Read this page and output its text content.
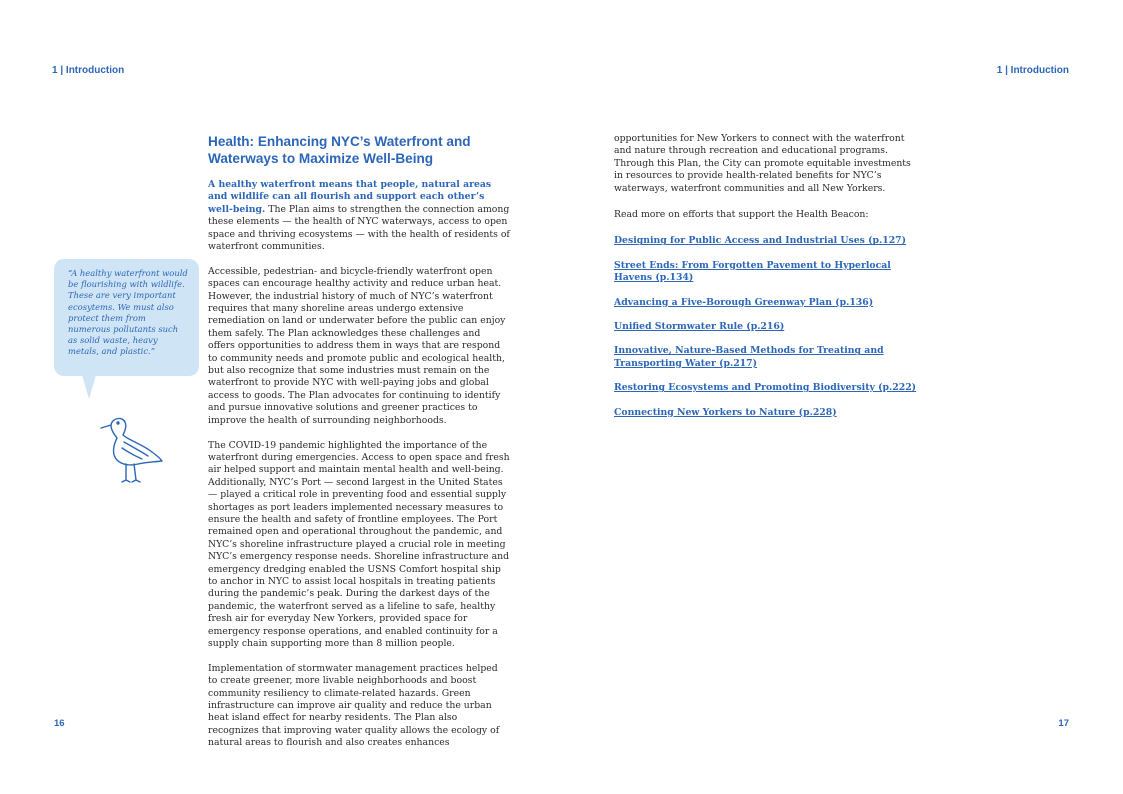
1 | Introduction	1 | Introduction
“A healthy waterfront would be flourishing with wildlife. These are very important ecosytems. We must also protect them from numerous pollutants such as solid waste, heavy metals, and plastic.”
Health: Enhancing NYC’s Waterfront and Waterways to Maximize Well-Being

A healthy waterfront means that people, natural areas and wildlife can all flourish and support each other’s well-being. The Plan aims to strengthen the connection among these elements — the health of NYC waterways, access to open space and thriving ecosystems — with the health of residents of waterfront communities.

Accessible, pedestrian- and bicycle-friendly waterfront open spaces can encourage healthy activity and reduce urban heat. However, the industrial history of much of NYC’s waterfront requires that many shoreline areas undergo extensive remediation on land or underwater before the public can enjoy them safely. The Plan acknowledges these challenges and offers opportunities to address them in ways that are respond to community needs and promote public and ecological health, but also recognize that some industries must remain on the waterfront to provide NYC with well-paying jobs and global access to goods. The Plan advocates for continuing to identify and pursue innovative solutions and greener practices to improve the health of surrounding neighborhoods.

The COVID-19 pandemic highlighted the importance of the waterfront during emergencies. Access to open space and fresh air helped support and maintain mental health and well-being. Additionally, NYC’s Port — second largest in the United States — played a critical role in preventing food and essential supply shortages as port leaders implemented necessary measures to ensure the health and safety of frontline employees. The Port remained open and operational throughout the pandemic, and NYC’s shoreline infrastructure played a crucial role in meeting NYC’s emergency response needs. Shoreline infrastructure and emergency dredging enabled the USNS Comfort hospital ship to anchor in NYC to assist local hospitals in treating patients during the pandemic’s peak. During the darkest days of the pandemic, the waterfront served as a lifeline to safe, healthy fresh air for everyday New Yorkers, provided space for emergency response operations, and enabled continuity for a supply chain supporting more than 8 million people.

Implementation of stormwater management practices helped to create greener, more livable neighborhoods and boost community resiliency to climate-related hazards. Green infrastructure can improve air quality and reduce the urban heat island effect for nearby residents. The Plan also recognizes that improving water quality allows the ecology of natural areas to flourish and also creates enhances

opportunities for New Yorkers to connect with the waterfront and nature through recreation and educational programs.
Through this Plan, the City can promote equitable investments in resources to provide health-related benefits for NYC’s waterways, waterfront communities and all New Yorkers.
Read more on efforts that support the Health Beacon:
Designing for Public Access and Industrial Uses (p.127)
Street Ends: From Forgotten Pavement to Hyperlocal Havens (p.134)
Advancing a Five-Borough Greenway Plan (p.136)
Unified Stormwater Rule (p.216)
Innovative, Nature-Based Methods for Treating and Transporting Water (p.217)
Restoring Ecosystems and Promoting Biodiversity (p.222)
Connecting New Yorkers to Nature (p.228)
16	17
